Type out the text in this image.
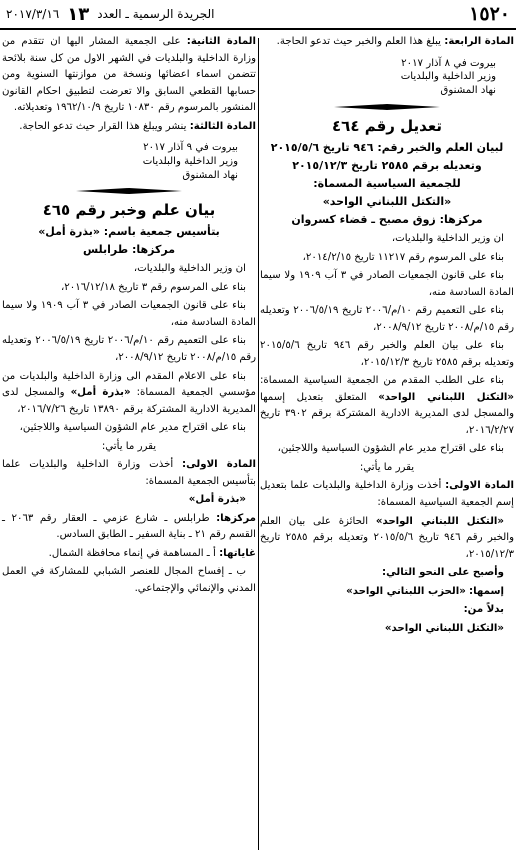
١٥٢٠
الجريدة الرسمية ـ العدد
١٣
٢٠١٧/٣/١٦

المادة الرابعة: يبلغ هذا العلم والخبر حيث تدعو الحاجة.

بيروت في ٨ آذار ٢٠١٧
وزير الداخلية والبلديات
نهاد المشنوق
تعديل رقم ٤٦٤
لبيان العلم والخبر رقم: ٩٤٦ تاريخ ٢٠١٥/٥/٦
وتعديله برقم ٢٥٨٥ تاريخ ٢٠١٥/١٢/٣
للجمعية السياسية المسماة:
«التكتل اللبناني الواحد»
مركزها: زوق مصبح ـ قضاء كسروان

ان وزير الداخلية والبلديات،

بناء على المرسوم رقم ١١٢١٧ تاريخ ٢٠١٤/٢/١٥،

بناء على قانون الجمعيات الصادر في ٣ آب ١٩٠٩ ولا سيما المادة السادسة منه،

بناء على التعميم رقم ١٠/م/٢٠٠٦ تاريخ ٢٠٠٦/٥/١٩ وتعديله رقم ١٥/م/٢٠٠٨ تاريخ ٢٠٠٨/٩/١٢،

بناء على بيان العلم والخبر رقم ٩٤٦ تاريخ ٢٠١٥/٥/٦ وتعديله برقم ٢٥٨٥ تاريخ ٢٠١٥/١٢/٣،

بناء على الطلب المقدم من الجمعية السياسية المسماة: «التكتل اللبناني الواحد» المتعلق بتعديل إسمها والمسجل لدى المديرية الادارية المشتركة برقم ٣٩٠٢ تاريخ ٢٠١٦/٢/٢٧،

بناء على اقتراح مدير عام الشؤون السياسية واللاجئين،

يقرر ما يأتي:

المادة الاولى: أخذت وزارة الداخلية والبلديات علما بتعديل إسم الجمعية السياسية المسماة:

«التكتل اللبناني الواحد» الحائزة على بيان العلم والخبر رقم ٩٤٦ تاريخ ٢٠١٥/٥/٦ وتعديله برقم ٢٥٨٥ تاريخ ٢٠١٥/١٢/٣،

وأصبح على النحو التالي:

إسمها: «الحزب اللبناني الواحد»

بدلاً من:

«التكتل اللبناني الواحد»

المادة الثانية: على الجمعية المشار اليها ان تتقدم من وزارة الداخلية والبلديات في الشهر الاول من كل سنة بلائحة تتضمن اسماء اعضائها ونسخة من موازنتها السنوية ومن حسابها القطعي السابق والا تعرضت لتطبيق احكام القانون المنشور بالمرسوم رقم ١٠٨٣٠ تاريخ ١٩٦٢/١٠/٩ وتعديلاته.

المادة الثالثة: ينشر ويبلغ هذا القرار حيث تدعو الحاجة.

بيروت في ٩ آذار ٢٠١٧
وزير الداخلية والبلديات
نهاد المشنوق
بيان علم وخبر رقم ٤٦٥
بتأسيس جمعية باسم: «بذرة أمل»
مركزها: طرابلس

ان وزير الداخلية والبلديات،

بناء على المرسوم رقم ٣ تاريخ ٢٠١٦/١٢/١٨،

بناء على قانون الجمعيات الصادر في ٣ آب ١٩٠٩ ولا سيما المادة السادسة منه،

بناء على التعميم رقم ١٠/م/٢٠٠٦ تاريخ ٢٠٠٦/٥/١٩ وتعديله رقم ١٥/م/٢٠٠٨ تاريخ ٢٠٠٨/٩/١٢،

بناء على الاعلام المقدم الى وزارة الداخلية والبلديات من مؤسسي الجمعية المسماة: «بذرة أمل» والمسجل لدى المديرية الادارية المشتركة برقم ١٣٨٩٠ تاريخ ٢٠١٦/٧/٢٦،

بناء على اقتراح مدير عام الشؤون السياسية واللاجئين،

يقرر ما يأتي:

المادة الاولى: أخذت وزارة الداخلية والبلديات علما بتأسيس الجمعية المسماة:

«بذرة أمل»

مركزها: طرابلس ـ شارع عزمي ـ العقار رقم ٢٠٦٣ ـ القسم رقم ٢١ ـ بناية السفير ـ الطابق السادس.

غاياتها: أ ـ المساهمة في إنماء محافظة الشمال.

ب ـ إفساح المجال للعنصر الشبابي للمشاركة في العمل المدني والإنمائي والإجتماعي.
